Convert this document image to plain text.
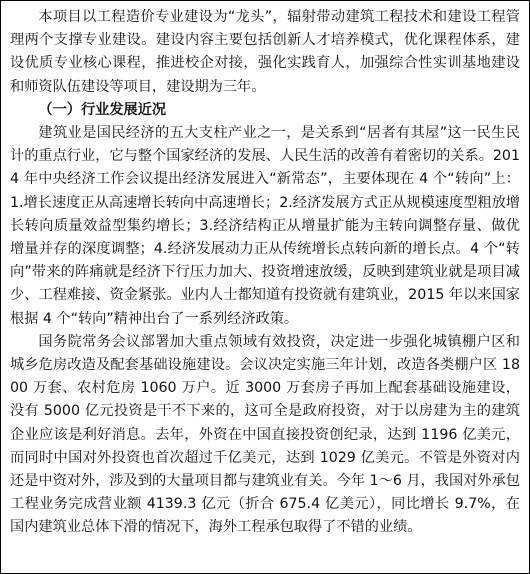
本项目以工程造价专业建设为“龙头”，辐射带动建筑工程技术和建设工程管理两个支撑专业建设。建设内容主要包括创新人才培养模式，优化课程体系，建设优质专业核心课程，推进校企对接，强化实践育人，加强综合性实训基地建设和师资队伍建设等项目，建设期为三年。

（一）行业发展近况

建筑业是国民经济的五大支柱产业之一，是关系到“居者有其屋”这一民生民计的重点行业，它与整个国家经济的发展、人民生活的改善有着密切的关系。2014 年中央经济工作会议提出经济发展进入“新常态”，主要体现在 4 个“转向”上：1.增长速度正从高速增长转向中高速增长；2.经济发展方式正从规模速度型粗放增长转向质量效益型集约增长；3.经济结构正从增量扩能为主转向调整存量、做优增量并存的深度调整；4.经济发展动力正从传统增长点转向新的增长点。4 个“转向”带来的阵痛就是经济下行压力加大、投资增速放缓，反映到建筑业就是项目减少、工程难接、资金紧张。业内人士都知道有投资就有建筑业，2015 年以来国家根据 4 个“转向”精神出台了一系列经济政策。

国务院常务会议部署加大重点领域有效投资，决定进一步强化城镇棚户区和城乡危房改造及配套基础设施建设。会议决定实施三年计划，改造各类棚户区 1800 万套、农村危房 1060 万户。近 3000 万套房子再加上配套基础设施建设，没有 5000 亿元投资是干不下来的，这可全是政府投资，对于以房建为主的建筑企业应该是利好消息。去年，外资在中国直接投资创纪录，达到 1196 亿美元，而同时中国对外投资也首次超过千亿美元，达到 1029 亿美元。不管是外资对内还是中资对外，涉及到的大量项目都与建筑业有关。今年 1～6 月，我国对外承包工程业务完成营业额 4139.3 亿元（折合 675.4 亿美元），同比增长 9.7%，在国内建筑业总体下滑的情况下，海外工程承包取得了不错的业绩。
